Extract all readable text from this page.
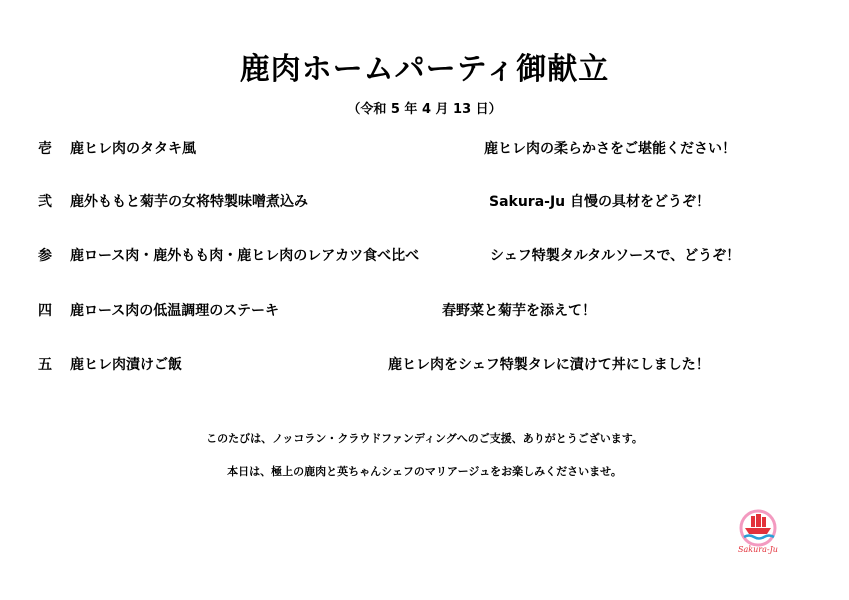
鹿肉ホームパーティ御献立
（令和 5 年 4 月 13 日）
壱 鹿ヒレ肉のタタキ風	鹿ヒレ肉の柔らかさをご堪能ください！
弐 鹿外ももと菊芋の女将特製味噌煮込み	Sakura-Ju 自慢の具材をどうぞ！
参 鹿ロース肉・鹿外もも肉・鹿ヒレ肉のレアカツ食べ比べ	シェフ特製タルタルソースで、どうぞ！
四 鹿ロース肉の低温調理のステーキ	春野菜と菊芋を添えて！
五 鹿ヒレ肉漬けご飯	鹿ヒレ肉をシェフ特製タレに漬けて丼にしました！
このたびは、ノッコラン・クラウドファンディングへのご支援、ありがとうございます。
本日は、極上の鹿肉と英ちゃんシェフのマリアージュをお楽しみくださいませ。
Sakura-Ju
